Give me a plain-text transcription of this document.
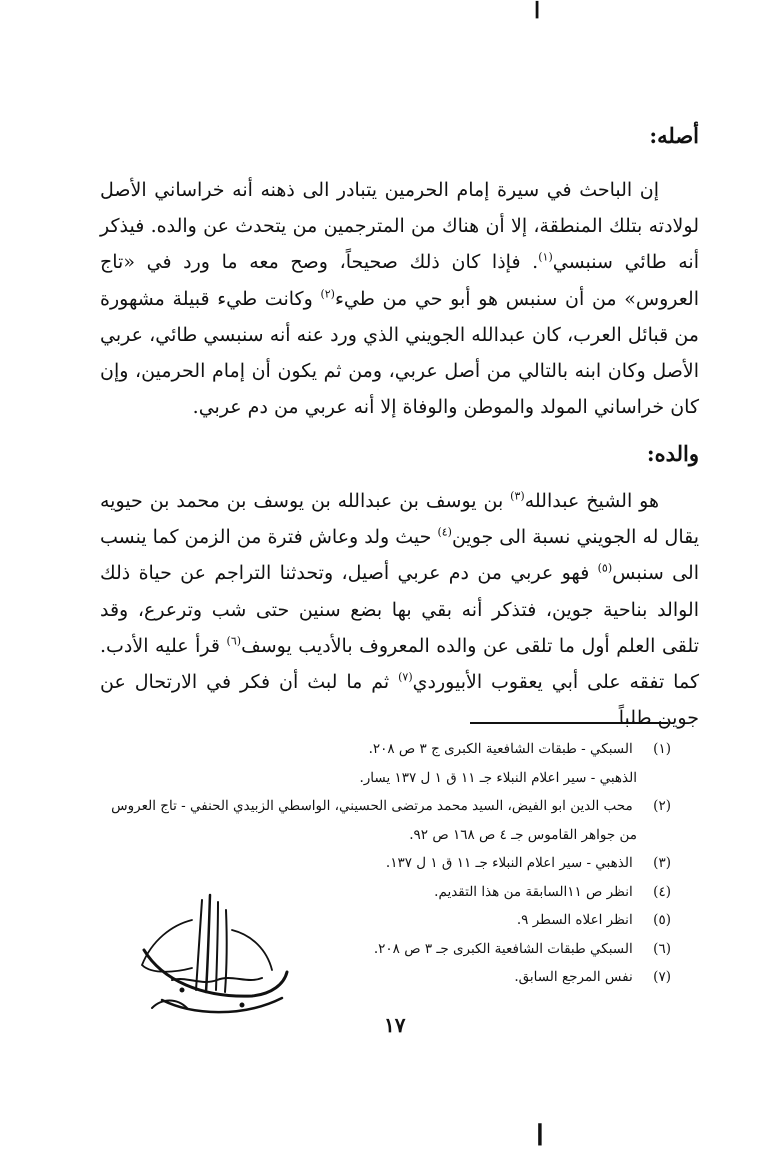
ا
أصله:

إن الباحث في سيرة إمام الحرمين يتبادر الى ذهنه أنه خراساني الأصل لولادته بتلك المنطقة، إلا أن هناك من المترجمين من يتحدث عن والده. فيذكر أنه طائي سنبسي$^{(١)}$. فإذا كان ذلك صحيحاً، وصح معه ما ورد في «تاج العروس» من أن سنبس هو أبو حي من طيء$^{(٢)}$ وكانت طيء قبيلة مشهورة من قبائل العرب، كان عبدالله الجويني الذي ورد عنه أنه سنبسي طائي، عربي الأصل وكان ابنه بالتالي من أصل عربي، ومن ثم يكون أن إمام الحرمين، وإن كان خراساني المولد والموطن والوفاة إلا أنه عربي من دم عربي.

والده:

هو الشيخ عبدالله$^{(٣)}$ بن يوسف بن عبدالله بن يوسف بن محمد بن حيويه يقال له الجويني نسبة الى جوين$^{(٤)}$ حيث ولد وعاش فترة من الزمن كما ينسب الى سنبس$^{(٥)}$ فهو عربي من دم عربي أصيل، وتحدثنا التراجم عن حياة ذلك الوالد بناحية جوين، فتذكر أنه بقي بها بضع سنين حتى شب وترعرع، وقد تلقى العلم أول ما تلقى عن والده المعروف بالأديب يوسف$^{(٦)}$ قرأ عليه الأدب. كما تفقه على أبي يعقوب الأبيوردي$^{(٧)}$ ثم ما لبث أن فكر في الارتحال عن جوين طلباً

(١) السبكي - طبقات الشافعية الكبرى ج ٣ ص ٢٠٨.
الذهبي - سير اعلام النبلاء جـ ١١ ق ١ ل ١٣٧ يسار.
(٢) محب الدين ابو الفيض، السيد محمد مرتضى الحسيني، الواسطي الزبيدي الحنفي - تاج العروس
من جواهر القاموس جـ ٤ ص ١٦٨ ص ٩٢.
(٣) الذهبي - سير اعلام النبلاء جـ ١١ ق ١ ل ١٣٧.
(٤) انظر ص ١١السابقة من هذا التقديم.
(٥) انظر اعلاه السطر ٩.
(٦) السبكي طبقات الشافعية الكبرى جـ ٣ ص ٢٠٨.
(٧) نفس المرجع السابق.
١٧
ا
